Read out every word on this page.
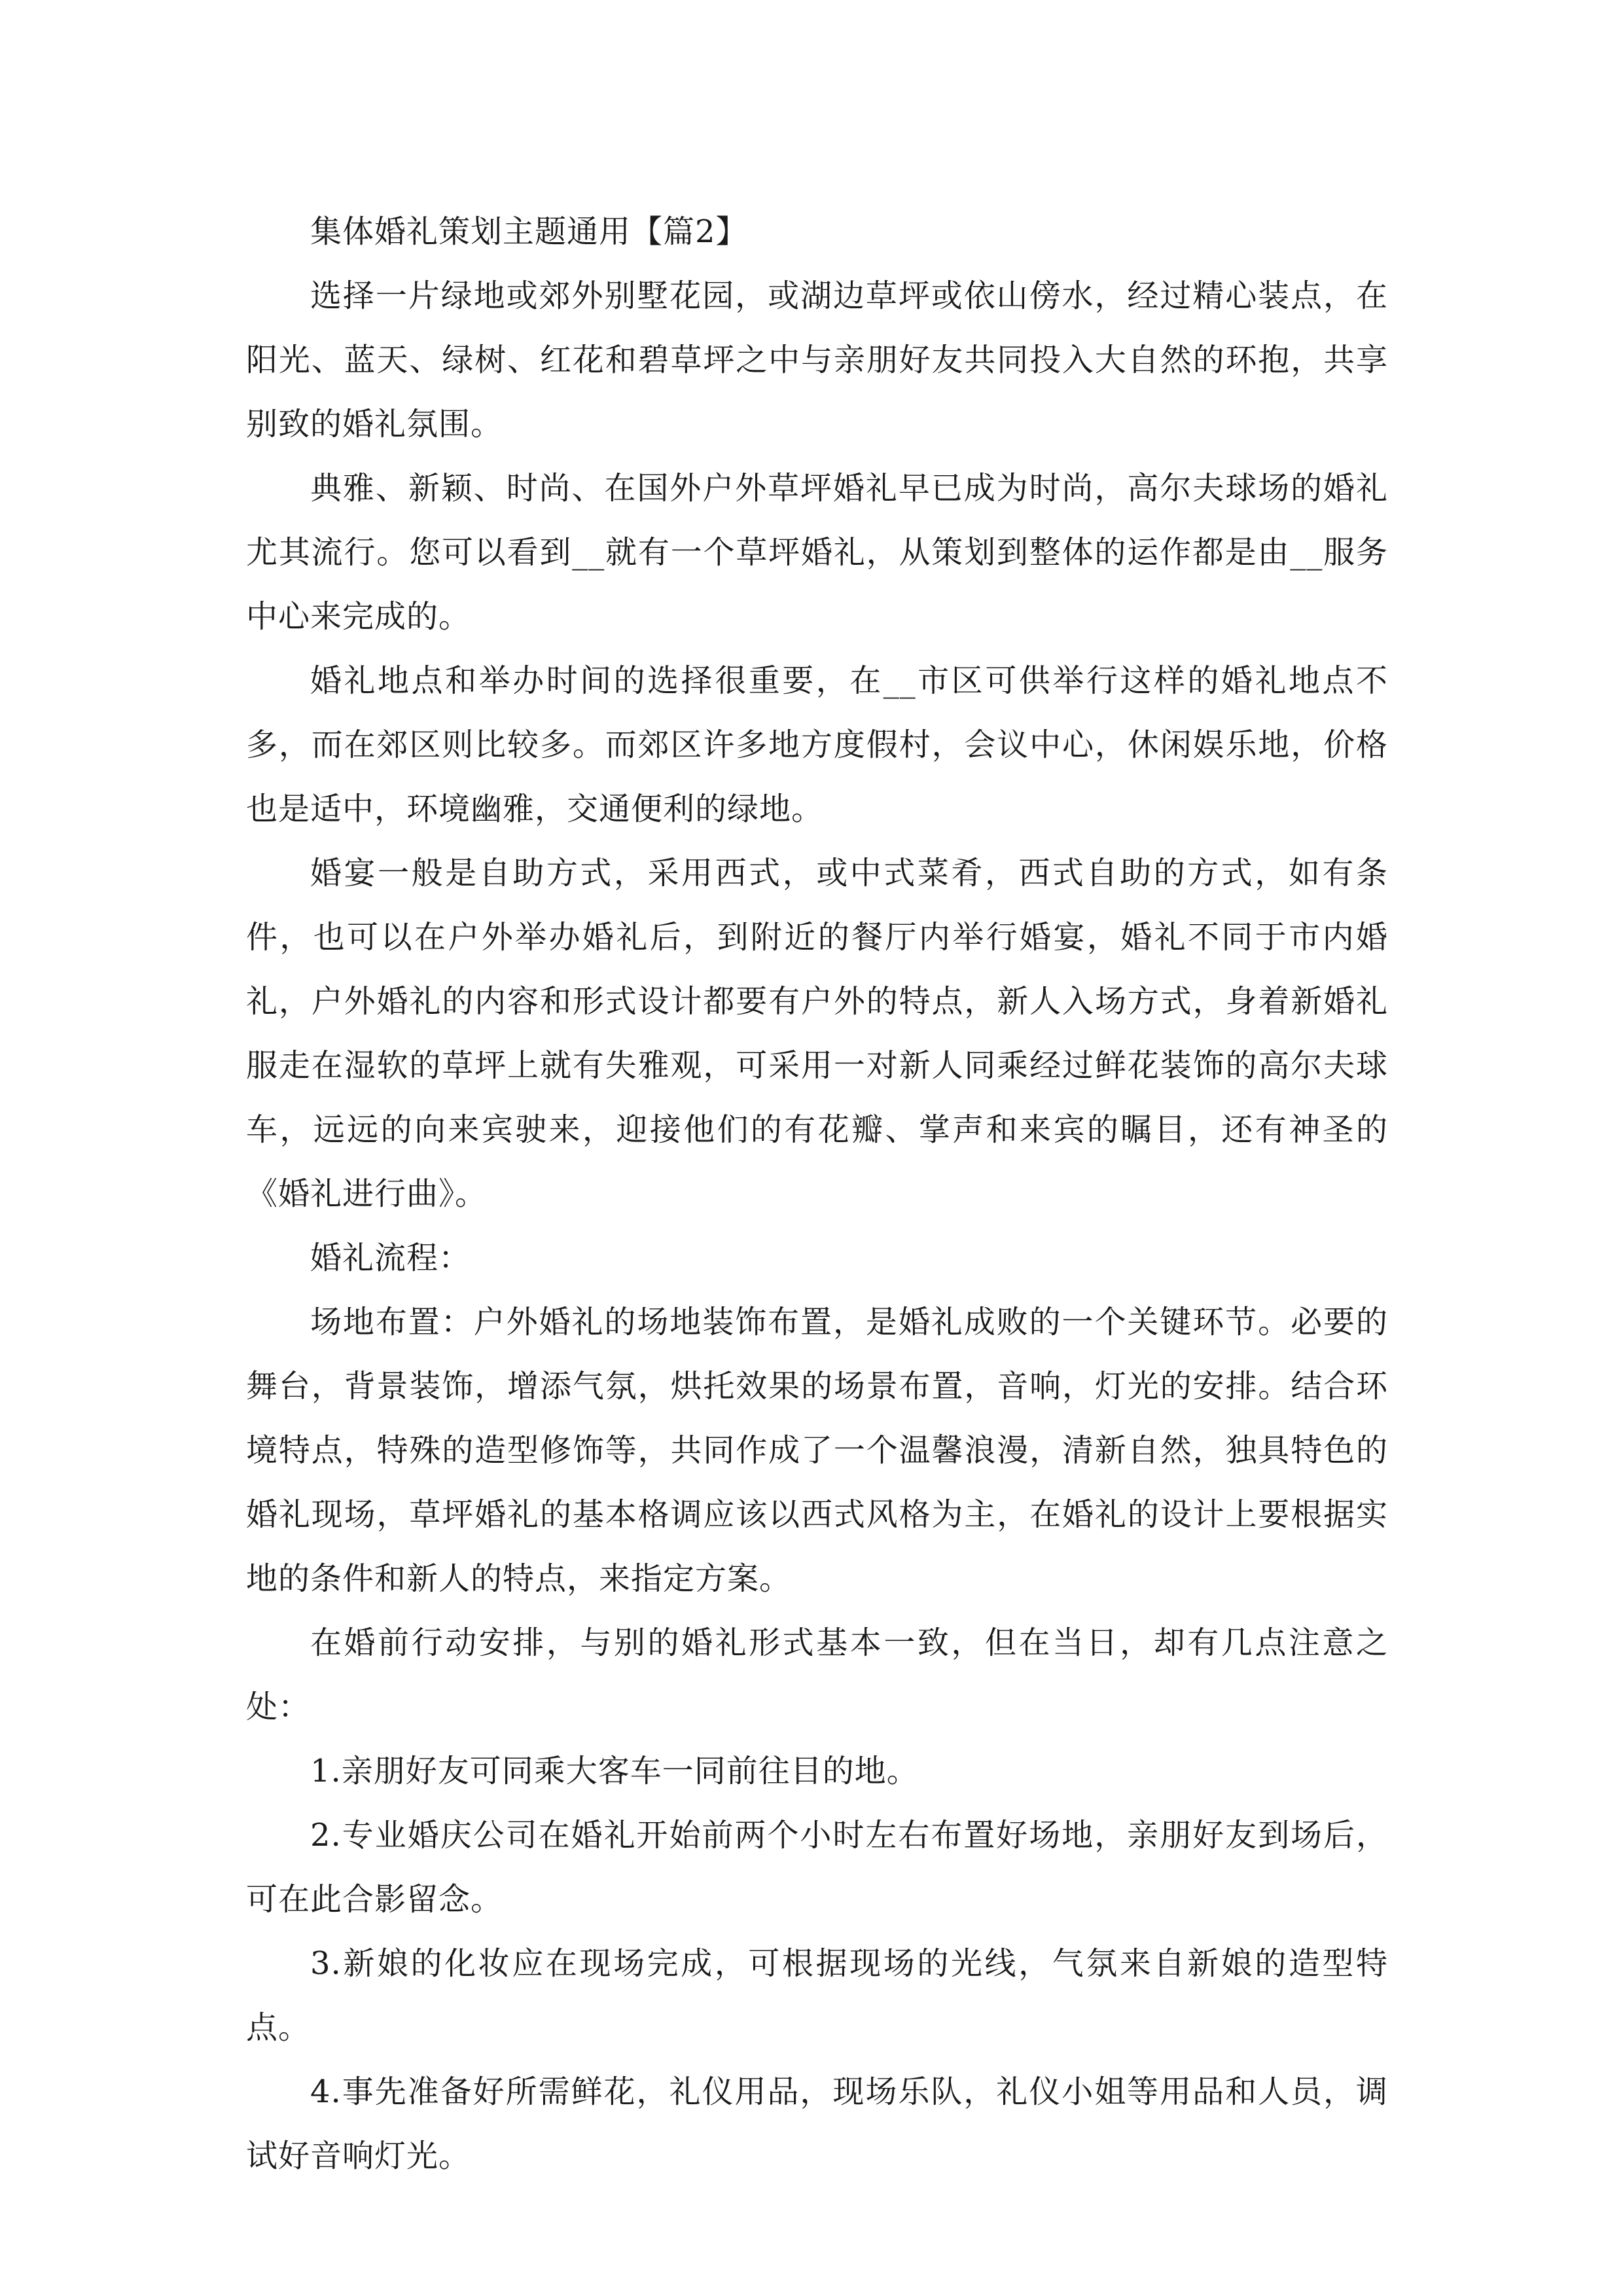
集体婚礼策划主题通用【篇2】

选择一片绿地或郊外别墅花园，或湖边草坪或依山傍水，经过精心装点，在阳光、蓝天、绿树、红花和碧草坪之中与亲朋好友共同投入大自然的环抱，共享别致的婚礼氛围。

典雅、新颖、时尚、在国外户外草坪婚礼早已成为时尚，高尔夫球场的婚礼尤其流行。您可以看到__就有一个草坪婚礼，从策划到整体的运作都是由__服务中心来完成的。

婚礼地点和举办时间的选择很重要，在__市区可供举行这样的婚礼地点不多，而在郊区则比较多。而郊区许多地方度假村，会议中心，休闲娱乐地，价格也是适中，环境幽雅，交通便利的绿地。

婚宴一般是自助方式，采用西式，或中式菜肴，西式自助的方式，如有条件，也可以在户外举办婚礼后，到附近的餐厅内举行婚宴，婚礼不同于市内婚礼，户外婚礼的内容和形式设计都要有户外的特点，新人入场方式，身着新婚礼服走在湿软的草坪上就有失雅观，可采用一对新人同乘经过鲜花装饰的高尔夫球车，远远的向来宾驶来，迎接他们的有花瓣、掌声和来宾的瞩目，还有神圣的《婚礼进行曲》。

婚礼流程：

场地布置：户外婚礼的场地装饰布置，是婚礼成败的一个关键环节。必要的舞台，背景装饰，增添气氛，烘托效果的场景布置，音响，灯光的安排。结合环境特点，特殊的造型修饰等，共同作成了一个温馨浪漫，清新自然，独具特色的婚礼现场，草坪婚礼的基本格调应该以西式风格为主，在婚礼的设计上要根据实地的条件和新人的特点，来指定方案。

在婚前行动安排，与别的婚礼形式基本一致，但在当日，却有几点注意之处：

1.亲朋好友可同乘大客车一同前往目的地。

2.专业婚庆公司在婚礼开始前两个小时左右布置好场地，亲朋好友到场后，可在此合影留念。

3.新娘的化妆应在现场完成，可根据现场的光线，气氛来自新娘的造型特点。

4.事先准备好所需鲜花，礼仪用品，现场乐队，礼仪小姐等用品和人员，调试好音响灯光。
